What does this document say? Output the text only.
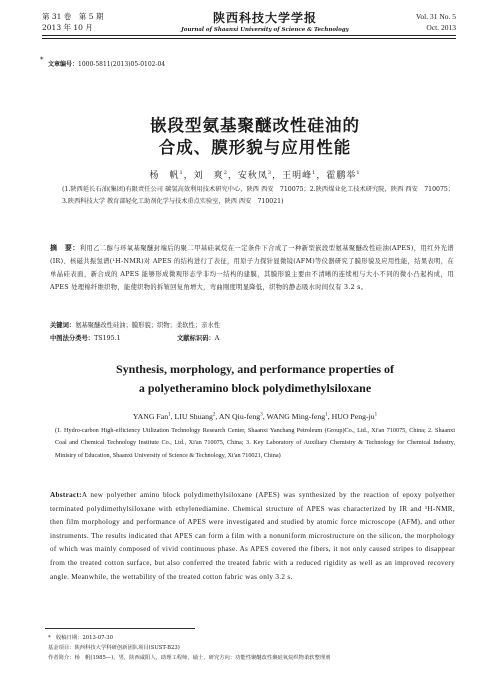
第 31 卷　第 5 期
2013 年 10 月
陕西科技大学学报
Journal of Shaanxi University of Science & Technology
Vol. 31 No. 5
Oct. 2013
*
文章编号：1000-5811(2013)05-0102-04
嵌段型氨基聚醚改性硅油的
合成、膜形貌与应用性能
杨　帆$^1$，刘　爽$^2$，安秋凤$^3$，王明峰$^1$，霍鹏举$^1$
(1.陕西延长石油(集团)有限责任公司 碳氢高效利用技术研究中心，陕西 西安　710075；2.陕西煤业化工技术研究院，陕西 西安　710075；3.陕西科技大学 教育部轻化工助剂化学与技术重点实验室，陕西 西安　710021)
摘　要：利用乙二醇与环氧基聚醚封端后的聚二甲基硅氧烷在一定条件下合成了一种新型嵌段型氨基聚醚改性硅油(APES)，用红外光谱(IR)、核磁共振氢谱(¹H-NMR)对 APES 的结构进行了表征，用原子力探针显微镜(AFM)等仪器研究了膜形貌及应用性能，结果表明，在单晶硅表面，新合成的 APES 能够形成微观形态学非均一结构的建膜，其膜形貌主要由不清晰的连续相与大小不同的微小凸起构成，用 APES 处理棉纤维织物，能使织物的拆皱回复角增大，弯曲刚度明显降低，织物的静态吸水时间仅有 3.2 s。
关键词：氨基聚醚改性硅油；膜形貌；织物；柔软性；亲水性
中图法分类号：TS195.1	文献标识码：A
Synthesis, morphology, and performance properties of
a polyetheramino block polydimethylsiloxane
YANG Fan$^1$, LIU Shuang$^2$, AN Qiu-feng$^3$, WANG Ming-feng$^1$, HUO Peng-$ju^1$
(1. Hydro-carbon High-efficiency Utilization Technology Research Center, Shaanxi Yanchang Petroleum (Group)Co., Ltd., Xi'an 710075, China; 2. Shaanxi Coal and Chemical Technology Institute Co., Ltd., Xi'an 710075, China; 3. Key Laboratory of Auxiliary Chemistry & Technology for Chemical Industry, Ministry of Education, Shaanxi University of Science & Technology, Xi'an 710021, China)
Abstract:A new polyether amino block polydimethylsiloxane (APES) was synthesized by the reaction of epoxy polyether terminated polydimethylsiloxane with ethylenediamine. Chemical structure of APES was characterized by IR and ¹H-NMR, then film morphology and performance of APES were investigated and studied by atomic force microscope (AFM), and other instruments. The results indicated that APES can form a film with a nonuniform microstructure on the silicon, the morphology of which was mainly composed of vivid continuous phase. As APES covered the fibers, it not only caused stripes to disappear from the treated cotton surface, but also conferred the treated fabric with a reduced rigidity as well as an improved recovery angle. Meanwhile, the wettability of the treated cotton fabric was only 3.2 s.
*　收稿日期：2013-07-30
基金项目：陕西科技大学科研创新团队项目(SUST-B23)
作者简介：杨　帆(1985—)，男，陕西咸阳人，助理工程师，硕士，研究方向：功能性聚醚改性聚硅氧烷织物柔软整理剂
